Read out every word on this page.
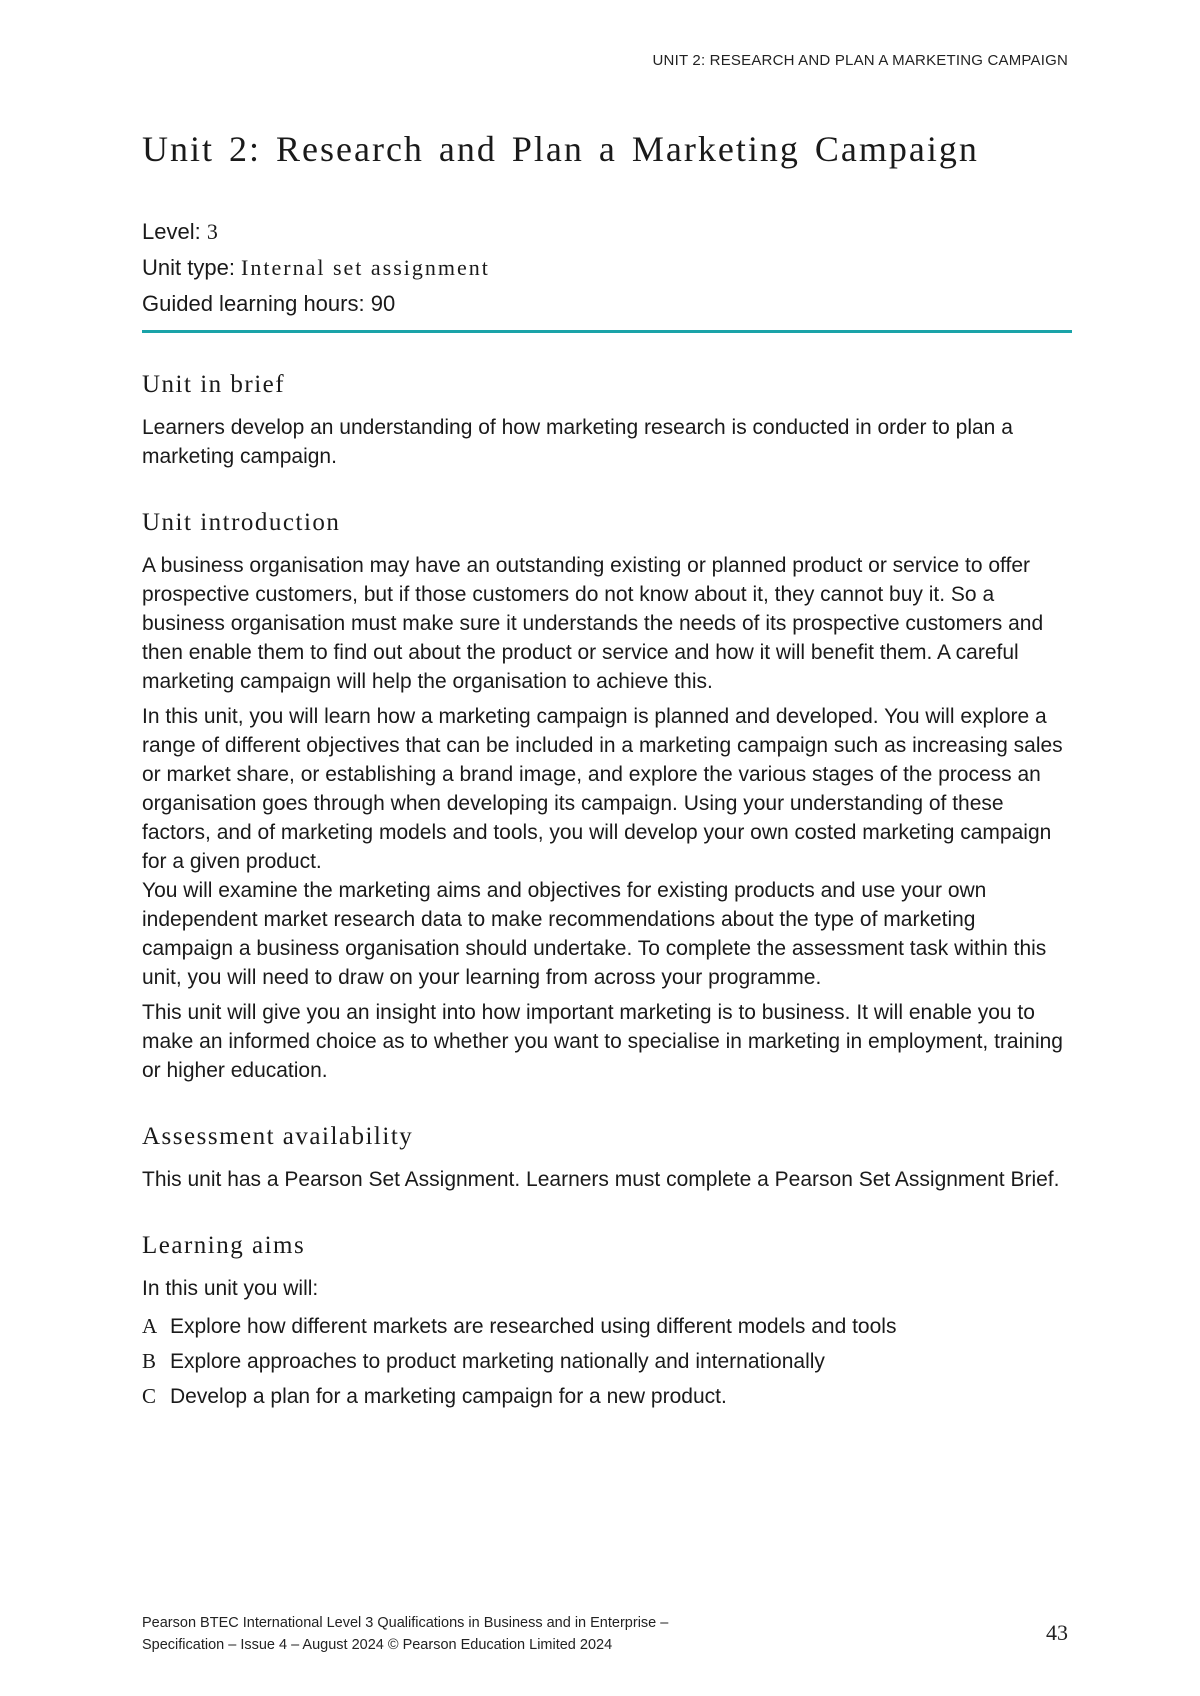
UNIT 2: RESEARCH AND PLAN A MARKETING CAMPAIGN
Unit 2: Research and Plan a Marketing Campaign
Level: 3
Unit type: Internal set assignment
Guided learning hours: 90
Unit in brief

Learners develop an understanding of how marketing research is conducted in order to plan a marketing campaign.

Unit introduction

A business organisation may have an outstanding existing or planned product or service to offer prospective customers, but if those customers do not know about it, they cannot buy it. So a business organisation must make sure it understands the needs of its prospective customers and then enable them to find out about the product or service and how it will benefit them. A careful marketing campaign will help the organisation to achieve this.

In this unit, you will learn how a marketing campaign is planned and developed. You will explore a range of different objectives that can be included in a marketing campaign such as increasing sales or market share, or establishing a brand image, and explore the various stages of the process an organisation goes through when developing its campaign. Using your understanding of these factors, and of marketing models and tools, you will develop your own costed marketing campaign for a given product.

You will examine the marketing aims and objectives for existing products and use your own independent market research data to make recommendations about the type of marketing campaign a business organisation should undertake. To complete the assessment task within this unit, you will need to draw on your learning from across your programme.

This unit will give you an insight into how important marketing is to business. It will enable you to make an informed choice as to whether you want to specialise in marketing in employment, training or higher education.

Assessment availability

This unit has a Pearson Set Assignment. Learners must complete a Pearson Set Assignment Brief.

Learning aims

In this unit you will:

A Explore how different markets are researched using different models and tools
B Explore approaches to product marketing nationally and internationally
C Develop a plan for a marketing campaign for a new product.
Pearson BTEC International Level 3 Qualifications in Business and in Enterprise –
Specification – Issue 4 – August 2024 © Pearson Education Limited 2024	43
